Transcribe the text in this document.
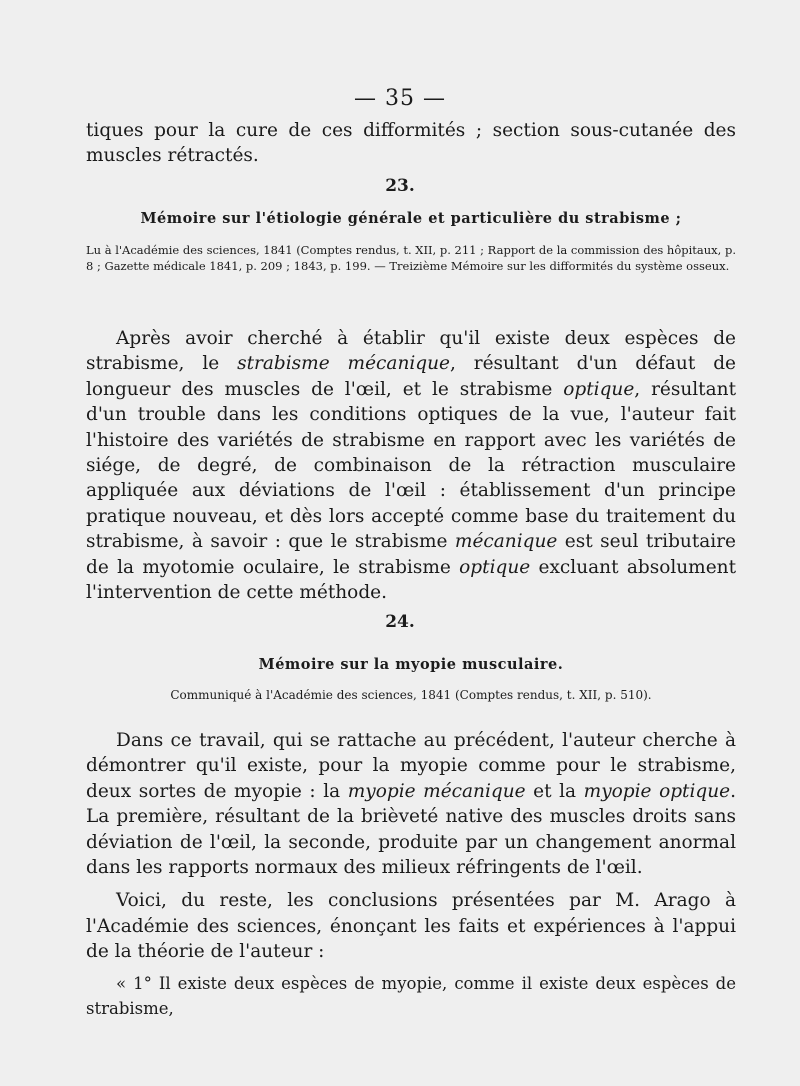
— 35 —

tiques pour la cure de ces difformités ; section sous-cutanée des muscles rétractés.

23.
Mémoire sur l'étiologie générale et particulière du strabisme ;
Lu à l'Académie des sciences, 1841 (Comptes rendus, t. XII, p. 211 ; Rapport de la commission des hôpitaux, p. 8 ; Gazette médicale 1841, p. 209 ; 1843, p. 199. — Treizième Mémoire sur les difformités du système osseux.

Après avoir cherché à établir qu'il existe deux espèces de strabisme, le strabisme mécanique, résultant d'un défaut de longueur des muscles de l'œil, et le strabisme optique, résultant d'un trouble dans les conditions optiques de la vue, l'auteur fait l'histoire des variétés de strabisme en rapport avec les variétés de siége, de degré, de combinaison de la rétraction musculaire appliquée aux déviations de l'œil : établissement d'un principe pratique nouveau, et dès lors accepté comme base du traitement du strabisme, à savoir : que le strabisme mécanique est seul tributaire de la myotomie oculaire, le strabisme optique excluant absolument l'intervention de cette méthode.

24.
Mémoire sur la myopie musculaire.
Communiqué à l'Académie des sciences, 1841 (Comptes rendus, t. XII, p. 510).

Dans ce travail, qui se rattache au précédent, l'auteur cherche à démontrer qu'il existe, pour la myopie comme pour le strabisme, deux sortes de myopie : la myopie mécanique et la myopie optique. La première, résultant de la brièveté native des muscles droits sans déviation de l'œil, la seconde, produite par un changement anormal dans les rapports normaux des milieux réfringents de l'œil.

Voici, du reste, les conclusions présentées par M. Arago à l'Académie des sciences, énonçant les faits et expériences à l'appui de la théorie de l'auteur :

« 1° Il existe deux espèces de myopie, comme il existe deux espèces de strabisme,
